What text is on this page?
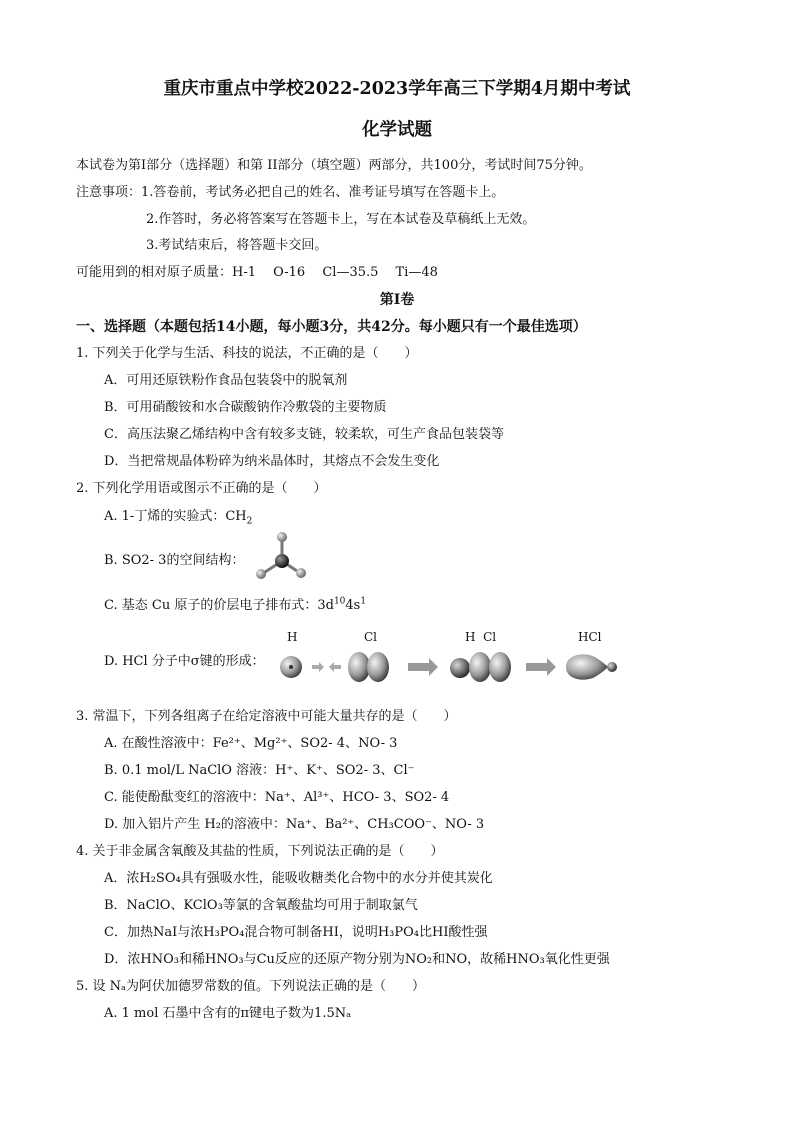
重庆市重点中学校2022-2023学年高三下学期4月期中考试
化学试题
本试卷为第I部分（选择题）和第 II部分（填空题）两部分，共100分，考试时间75分钟。
注意事项：1.答卷前，考试务必把自己的姓名、准考证号填写在答题卡上。
2.作答时，务必将答案写在答题卡上，写在本试卷及草稿纸上无效。
3.考试结束后，将答题卡交回。
可能用到的相对原子质量：H-1　 O-16　 Cl—35.5　 Ti—48
第I卷
一、选择题（本题包括14小题，每小题3分，共42分。每小题只有一个最佳选项）
1. 下列关于化学与生活、科技的说法，不正确的是（　　）
A．可用还原铁粉作食品包装袋中的脱氧剂
B．可用硝酸铵和水合碳酸钠作冷敷袋的主要物质
C．高压法聚乙烯结构中含有较多支链，较柔软，可生产食品包装袋等
D．当把常规晶体粉碎为纳米晶体时，其熔点不会发生变化
2. 下列化学用语或图示不正确的是（　　）
A. 1-丁烯的实验式：$CH_2$
B. SO2- 3的空间结构：
C. 基态 Cu 原子的价层电子排布式：$3d^{10}4s^1$
D. HCl 分子中σ键的形成：
H	Cl	H  Cl	HCl
3. 常温下，下列各组离子在给定溶液中可能大量共存的是（　　）
A. 在酸性溶液中：Fe²⁺、Mg²⁺、SO2- 4、NO- 3
B. 0.1 mol/L NaClO 溶液：H⁺、K⁺、SO2- 3、Cl⁻
C. 能使酚酞变红的溶液中：Na⁺、Al³⁺、HCO- 3、SO2- 4
D. 加入铝片产生 H₂的溶液中：Na⁺、Ba²⁺、CH₃COO⁻、NO- 3
4. 关于非金属含氧酸及其盐的性质，下列说法正确的是（　　）
A．浓H₂SO₄具有强吸水性，能吸收糖类化合物中的水分并使其炭化
B．NaClO、KClO₃等氯的含氧酸盐均可用于制取氯气
C．加热NaI与浓H₃PO₄混合物可制备HI，说明H₃PO₄比HI酸性强
D．浓HNO₃和稀HNO₃与Cu反应的还原产物分别为NO₂和NO，故稀HNO₃氧化性更强
5. 设 Nₐ为阿伏加德罗常数的值。下列说法正确的是（　　）
A. 1 mol 石墨中含有的π键电子数为1.5Nₐ
